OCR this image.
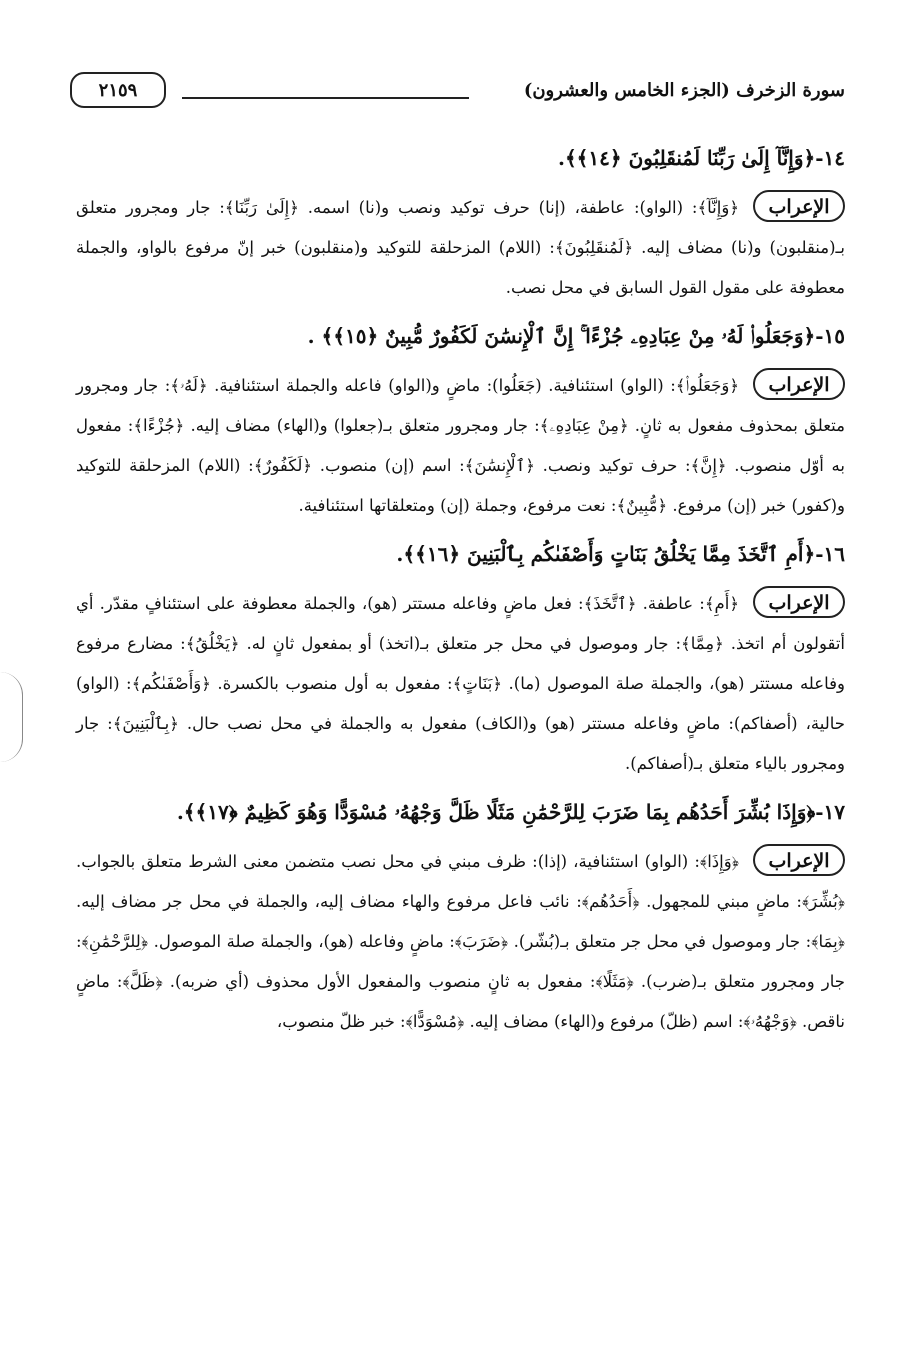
سورة الزخرف (الجزء الخامس والعشرون)
٢١٥٩
١٤-﴿وَإِنَّآ إِلَىٰ رَبِّنَا لَمُنقَلِبُونَ ﴿١٤﴾﴾.
الإعراب
﴿وَإِنَّآ﴾: (الواو): عاطفة، (إنا) حرف توكيد ونصب و(نا) اسمه. ﴿إِلَىٰ رَبِّنَا﴾: جار ومجرور متعلق بـ(منقلبون) و(نا) مضاف إليه. ﴿لَمُنقَلِبُونَ﴾: (اللام) المزحلقة للتوكيد و(منقلبون) خبر إنّ مرفوع بالواو، والجملة معطوفة على مقول القول السابق في محل نصب.
١٥-﴿وَجَعَلُوا۟ لَهُۥ مِنْ عِبَادِهِۦ جُزْءًا ۚ إِنَّ ٱلْإِنسَٰنَ لَكَفُورٌ مُّبِينٌ ﴿١٥﴾﴾ .
الإعراب
﴿وَجَعَلُوا۟﴾: (الواو) استئنافية. (جَعَلُوا): ماضٍ و(الواو) فاعله والجملة استئنافية. ﴿لَهُۥ﴾: جار ومجرور متعلق بمحذوف مفعول به ثانٍ. ﴿مِنْ عِبَادِهِۦ﴾: جار ومجرور متعلق بـ(جعلوا) و(الهاء) مضاف إليه. ﴿جُزْءًا﴾: مفعول به أوّل منصوب. ﴿إِنَّ﴾: حرف توكيد ونصب. ﴿ٱلْإِنسَٰنَ﴾: اسم (إن) منصوب. ﴿لَكَفُورٌ﴾: (اللام) المزحلقة للتوكيد و(كفور) خبر (إن) مرفوع. ﴿مُّبِينٌ﴾: نعت مرفوع، وجملة (إن) ومتعلقاتها استئنافية.
١٦-﴿أَمِ ٱتَّخَذَ مِمَّا يَخْلُقُ بَنَاتٍ وَأَصْفَىٰكُم بِٱلْبَنِينَ ﴿١٦﴾﴾.
الإعراب
﴿أَمِ﴾: عاطفة. ﴿ٱتَّخَذَ﴾: فعل ماضٍ وفاعله مستتر (هو)، والجملة معطوفة على استئنافٍ مقدّر. أي أتقولون أم اتخذ. ﴿مِمَّا﴾: جار وموصول في محل جر متعلق بـ(اتخذ) أو بمفعول ثانٍ له. ﴿يَخْلُقُ﴾: مضارع مرفوع وفاعله مستتر (هو)، والجملة صلة الموصول (ما). ﴿بَنَاتٍ﴾: مفعول به أول منصوب بالكسرة. ﴿وَأَصْفَىٰكُم﴾: (الواو) حالية، (أصفاكم): ماضٍ وفاعله مستتر (هو) و(الكاف) مفعول به والجملة في محل نصب حال. ﴿بِٱلْبَنِينَ﴾: جار ومجرور بالياء متعلق بـ(أصفاكم).
١٧-﴿وَإِذَا بُشِّرَ أَحَدُهُم بِمَا ضَرَبَ لِلرَّحْمَٰنِ مَثَلًا ظَلَّ وَجْهُهُۥ مُسْوَدًّا وَهُوَ كَظِيمٌ ﴿١٧﴾﴾.
الإعراب
﴿وَإِذَا﴾: (الواو) استئنافية، (إذا): ظرف مبني في محل نصب متضمن معنى الشرط متعلق بالجواب. ﴿بُشِّرَ﴾: ماضٍ مبني للمجهول. ﴿أَحَدُهُم﴾: نائب فاعل مرفوع والهاء مضاف إليه، والجملة في محل جر مضاف إليه. ﴿بِمَا﴾: جار وموصول في محل جر متعلق بـ(بُشّر). ﴿ضَرَبَ﴾: ماضٍ وفاعله (هو)، والجملة صلة الموصول. ﴿لِلرَّحْمَٰنِ﴾: جار ومجرور متعلق بـ(ضرب). ﴿مَثَلًا﴾: مفعول به ثانٍ منصوب والمفعول الأول محذوف (أي ضربه). ﴿ظَلَّ﴾: ماضٍ ناقص. ﴿وَجْهُهُۥ﴾: اسم (ظلّ) مرفوع و(الهاء) مضاف إليه. ﴿مُسْوَدًّا﴾: خبر ظلّ منصوب،
